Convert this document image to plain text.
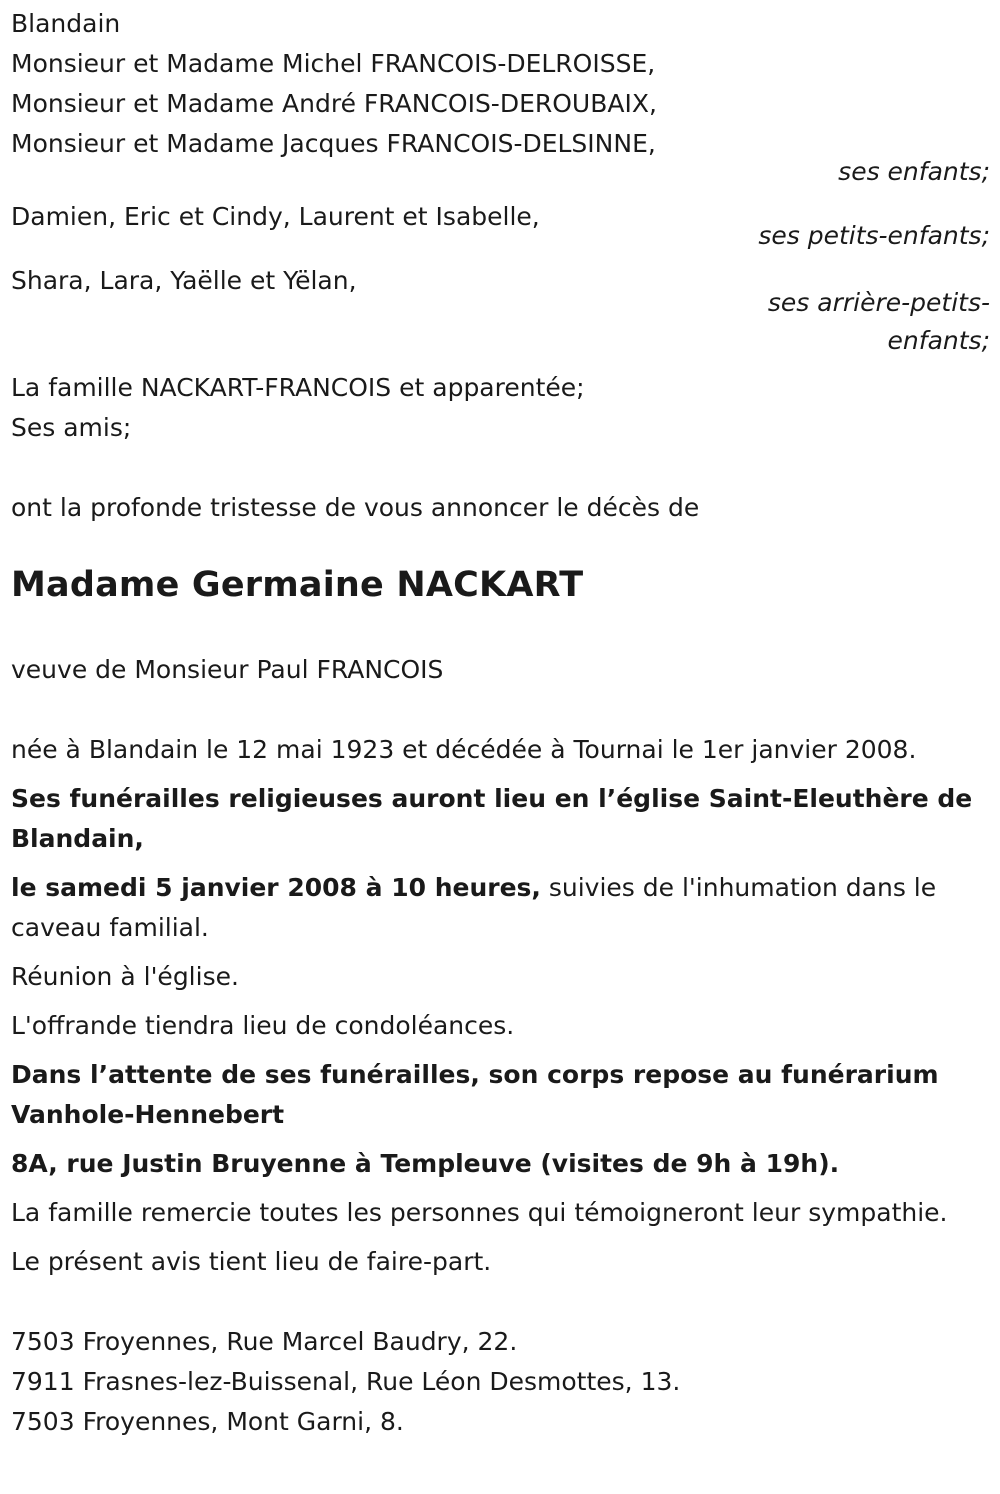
Blandain
Monsieur et Madame Michel FRANCOIS-DELROISSE,
Monsieur et Madame André FRANCOIS-DEROUBAIX,
Monsieur et Madame Jacques FRANCOIS-DELSINNE,
ses enfants;
Damien, Eric et Cindy, Laurent et Isabelle,
ses petits-enfants;
Shara, Lara, Yaëlle et Yëlan,
ses arrière-petits-
enfants;
La famille NACKART-FRANCOIS et apparentée;
Ses amis;
ont la profonde tristesse de vous annoncer le décès de
Madame Germaine NACKART
veuve de Monsieur Paul FRANCOIS
née à Blandain le 12 mai 1923 et décédée à Tournai le 1er janvier 2008.
Ses funérailles religieuses auront lieu en l’église Saint-Eleuthère de Blandain,
le samedi 5 janvier 2008 à 10 heures, suivies de l'inhumation dans le caveau familial.
Réunion à l'église.
L'offrande tiendra lieu de condoléances.
Dans l’attente de ses funérailles, son corps repose au funérarium Vanhole-Hennebert
8A, rue Justin Bruyenne à Templeuve (visites de 9h à 19h).
La famille remercie toutes les personnes qui témoigneront leur sympathie.
Le présent avis tient lieu de faire-part.
7503 Froyennes, Rue Marcel Baudry, 22.
7911 Frasnes-lez-Buissenal, Rue Léon Desmottes, 13.
7503 Froyennes, Mont Garni, 8.
